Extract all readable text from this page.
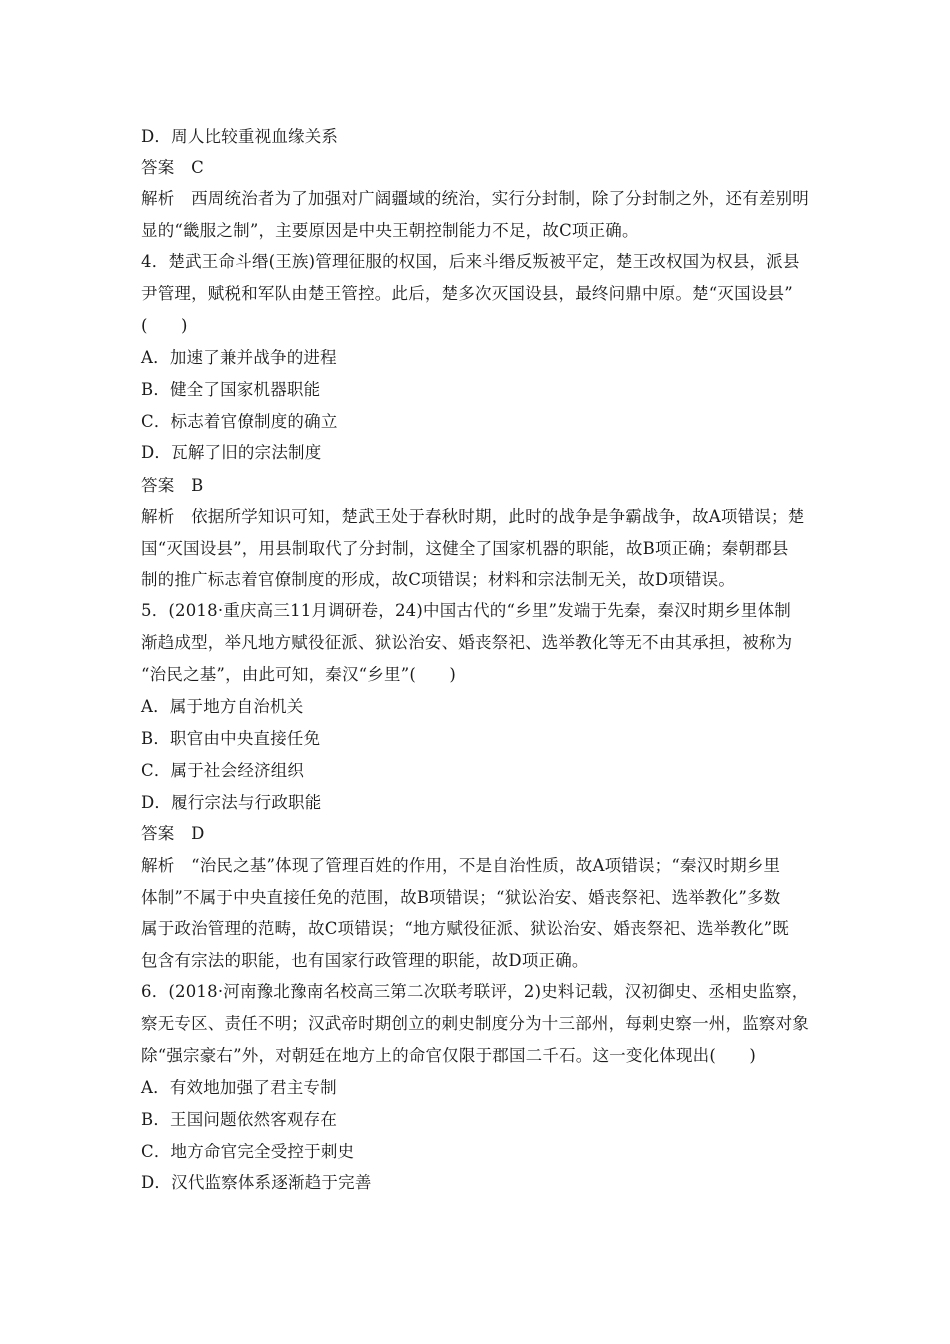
D．周人比较重视血缘关系
答案　C
解析　西周统治者为了加强对广阔疆域的统治，实行分封制，除了分封制之外，还有差别明
显的“畿服之制”，主要原因是中央王朝控制能力不足，故C项正确。
4．楚武王命斗缗(王族)管理征服的权国，后来斗缗反叛被平定，楚王改权国为权县，派县
尹管理，赋税和军队由楚王管控。此后，楚多次灭国设县，最终问鼎中原。楚“灭国设县”
(　　)
A．加速了兼并战争的进程
B．健全了国家机器职能
C．标志着官僚制度的确立
D．瓦解了旧的宗法制度
答案　B
解析　依据所学知识可知，楚武王处于春秋时期，此时的战争是争霸战争，故A项错误；楚
国“灭国设县”，用县制取代了分封制，这健全了国家机器的职能，故B项正确；秦朝郡县
制的推广标志着官僚制度的形成，故C项错误；材料和宗法制无关，故D项错误。
5．(2018·重庆高三11月调研卷，24)中国古代的“乡里”发端于先秦，秦汉时期乡里体制
渐趋成型，举凡地方赋役征派、狱讼治安、婚丧祭祀、选举教化等无不由其承担，被称为
“治民之基”，由此可知，秦汉“乡里”(　　)
A．属于地方自治机关
B．职官由中央直接任免
C．属于社会经济组织
D．履行宗法与行政职能
答案　D
解析　“治民之基”体现了管理百姓的作用，不是自治性质，故A项错误；“秦汉时期乡里
体制”不属于中央直接任免的范围，故B项错误；“狱讼治安、婚丧祭祀、选举教化”多数
属于政治管理的范畴，故C项错误；“地方赋役征派、狱讼治安、婚丧祭祀、选举教化”既
包含有宗法的职能，也有国家行政管理的职能，故D项正确。
6．(2018·河南豫北豫南名校高三第二次联考联评，2)史料记载，汉初御史、丞相史监察，
察无专区、责任不明；汉武帝时期创立的刺史制度分为十三部州，每刺史察一州，监察对象
除“强宗豪右”外，对朝廷在地方上的命官仅限于郡国二千石。这一变化体现出(　　)
A．有效地加强了君主专制
B．王国问题依然客观存在
C．地方命官完全受控于刺史
D．汉代监察体系逐渐趋于完善
